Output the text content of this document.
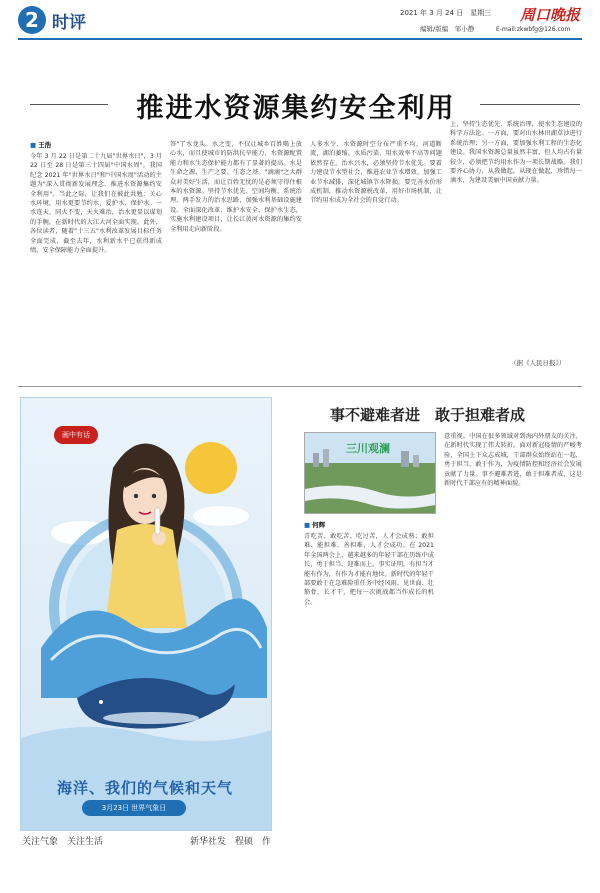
2 时评	2021 年 3 月 24 日　星期三
编辑/版编　邹小静
周口晚报
E-mail:zkwbfg@126.com
推进水资源集约安全利用
■ 王浩
今年 3 月 22 日是第二十九届"世界水日"，3 月 22 日至 28 日是第三十四届"中国水周"。我国纪念 2021 年"世界水日"和"中国水周"活动的主题为"深入贯彻新发展理念，推进水资源集约安全利用"。当此之际，让我们在被此共勉：关心水环境，用水更要节约水、爱护水、保护水。一水连天、同火不变，天火难治，治水更显以谋划的手腕，在新时代的大江大河全面实现。此外，各位读者，随着"十三五"水利改革发展目标任务全面完成，截至去年，水利新水平已获得新成绩，安全保障能力全面提升。
答"了水龙头。水之变，不仅让城乡百姓喝上放心水，而且使城市的防洪抗旱能力、水资源配置能力和水生态保护能力都有了显著的提高。水是生命之源、生产之要、生态之基。"滴滴"之大群众对美好生活，而让百姓无忧的是必须守得住根本的水资源。坚持节水优先、空间均衡、系统治理、两手发力的治水思路，加强水利基础设施建设。全面深化改革、维护水安全、保护水生态，实施水利建设项目，让长江黄河水资源的集约安全利用走向新阶段。
人多水少、水资源时空分布严重不均，河道断流、湖泊萎缩、水质污染、用水效率不高等问题依然存在。治水兴水，必须坚持节水优先。要着力建设节水型社会，推进农业节水增效，加强工业节水减排，深化城镇节水降损。要完善水价形成机制，推动水资源税改革，用好市场机制，让节约用水成为全社会的自觉行动。
上，坚持生态优先、系统治理，使水生态建设的科学方法论。一方面，要对山水林田湖草沙进行系统治理；另一方面，要加强水利工程的生态化建设。我国水资源总量虽然丰富，但人均占有量较少，必须把节约用水作为一项长期战略。我们要齐心协力，从我做起，从现在做起，珍惜每一滴水，为建设美丽中国贡献力量。
（据《人民日报》）
画中有话
海洋、我们的气候和天气
3月23日 世界气象日
关注气象　关注生活	新华社发　程硕　作
事不避难者进　敢于担难者成
三川观澜
■ 何辉
青吃苦、敢吃苦、吃过苦，人才会成熟；敢担难、能担难、善担难，人才会成功。在 2021 年全国两会上，越来越多的年轻干部在历练中成长，勇于担当、迎难而上。事实证明，有担当才能有作为，有作为才能有地位。新时代的年轻干部要敢于在急难险重任务中经风雨、见世面、壮筋骨、长才干，把每一次挑战都当作成长的机会。
意重视。中国在很多领域对到海内外朋友的关注，在新时代实现了伟大转折。面对新冠疫情的严峻考验，全国上下众志成城，干部群众始终站在一起，勇于担当，敢于作为，为疫情防控和经济社会发展贡献了力量。事不避难者进，敢于担难者成，这是新时代干部应有的精神面貌。
